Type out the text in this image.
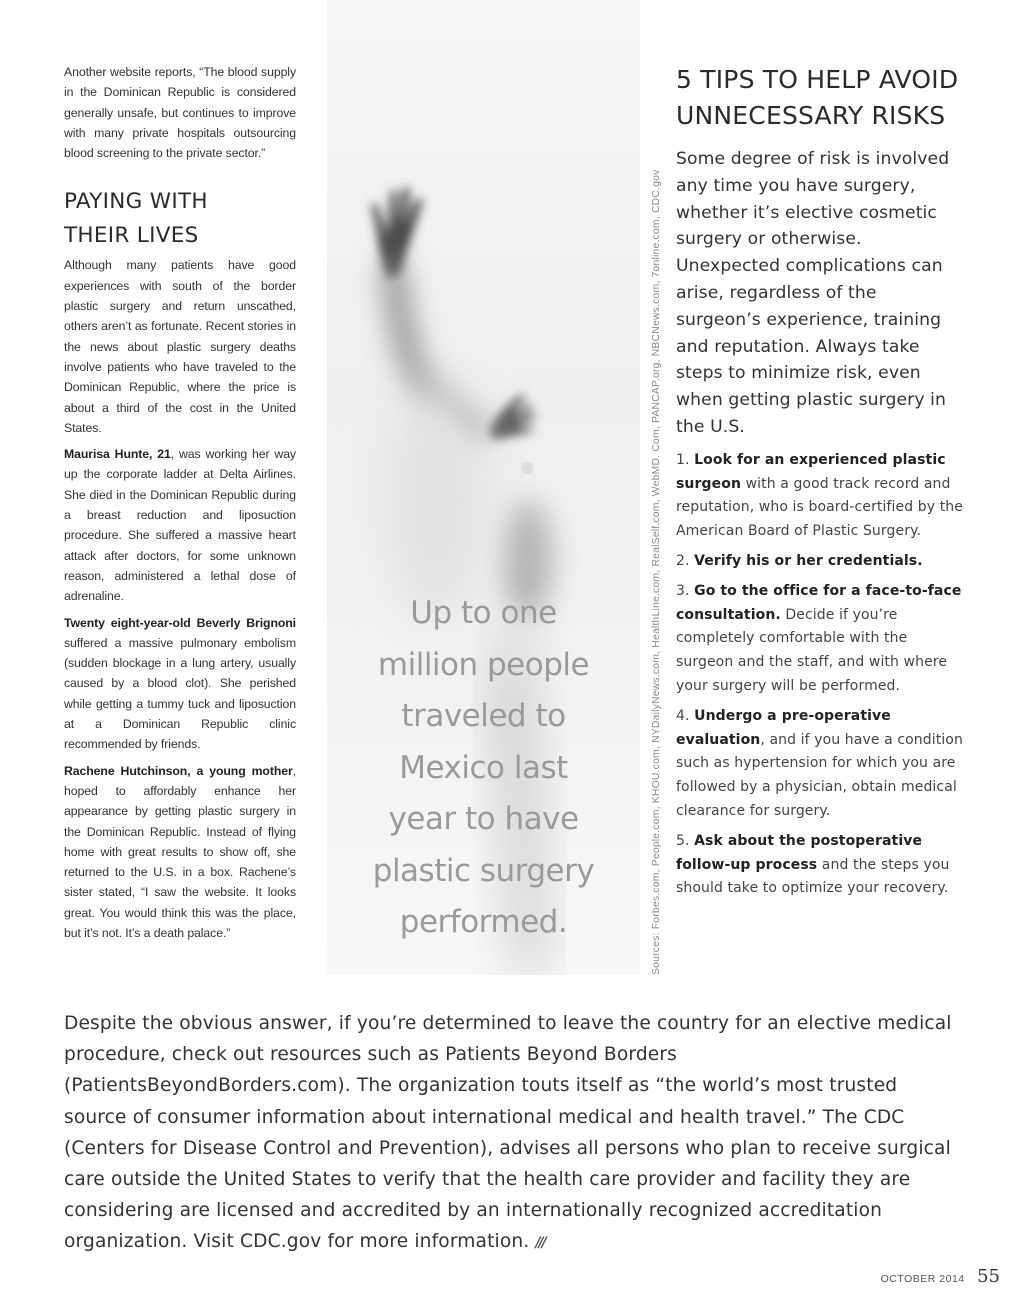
Another website reports, “The blood supply in the Dominican Republic is considered generally unsafe, but continues to improve with many private hospitals outsourcing blood screening to the private sector.”

PAYING WITH
THEIR LIVES

Although many patients have good experiences with south of the border plastic surgery and return unscathed, others aren’t as fortunate. Recent stories in the news about plastic surgery deaths involve patients who have traveled to the Dominican Republic, where the price is about a third of the cost in the United States.

Maurisa Hunte, 21, was working her way up the corporate ladder at Delta Airlines. She died in the Dominican Republic during a breast reduction and liposuction procedure. She suffered a massive heart attack after doctors, for some unknown reason, administered a lethal dose of adrenaline.

Twenty eight-year-old Beverly Brignoni suffered a massive pulmonary embolism (sudden blockage in a lung artery, usually caused by a blood clot). She perished while getting a tummy tuck and liposuction at a Dominican Republic clinic recommended by friends.

Rachene Hutchinson, a young mother, hoped to affordably enhance her appearance by getting plastic surgery in the Dominican Republic. Instead of flying home with great results to show off, she returned to the U.S. in a box. Rachene’s sister stated, “I saw the website. It looks great. You would think this was the place, but it’s not. It’s a death palace.”

Up to one
million people
traveled to
Mexico last
year to have
plastic surgery
performed.	Sources: Forbes.com, People.com, KHOU.com, NYDailyNews.com, HealthLine.com, RealSelf.com, WebMD. Com, PANCAP.org, NBCNews.com, 7online.com, CDC.gov
5 TIPS TO HELP AVOID
UNNECESSARY RISKS

Some degree of risk is involved any time you have surgery, whether it’s elective cosmetic surgery or otherwise. Unexpected complications can arise, regardless of the surgeon’s experience, training and reputation. Always take steps to minimize risk, even when getting plastic surgery in the U.S.

1. Look for an experienced plastic surgeon with a good track record and reputation, who is board-certified by the American Board of Plastic Surgery.

2. Verify his or her credentials.

3. Go to the office for a face-to-face consultation. Decide if you’re completely comfortable with the surgeon and the staff, and with where your surgery will be performed.

4. Undergo a pre-operative evaluation, and if you have a condition such as hypertension for which you are followed by a physician, obtain medical clearance for surgery.

5. Ask about the postoperative follow-up process and the steps you should take to optimize your recovery.

Despite the obvious answer, if you’re determined to leave the country for an elective medical procedure, check out resources such as Patients Beyond Borders (PatientsBeyondBorders.com). The organization touts itself as “the world’s most trusted source of consumer information about international medical and health travel.” The CDC (Centers for Disease Control and Prevention), advises all persons who plan to receive surgical care outside the United States to verify that the health care provider and facility they are considering are licensed and accredited by an internationally recognized accreditation organization. Visit CDC.gov for more information. ///
OCTOBER 2014 55
